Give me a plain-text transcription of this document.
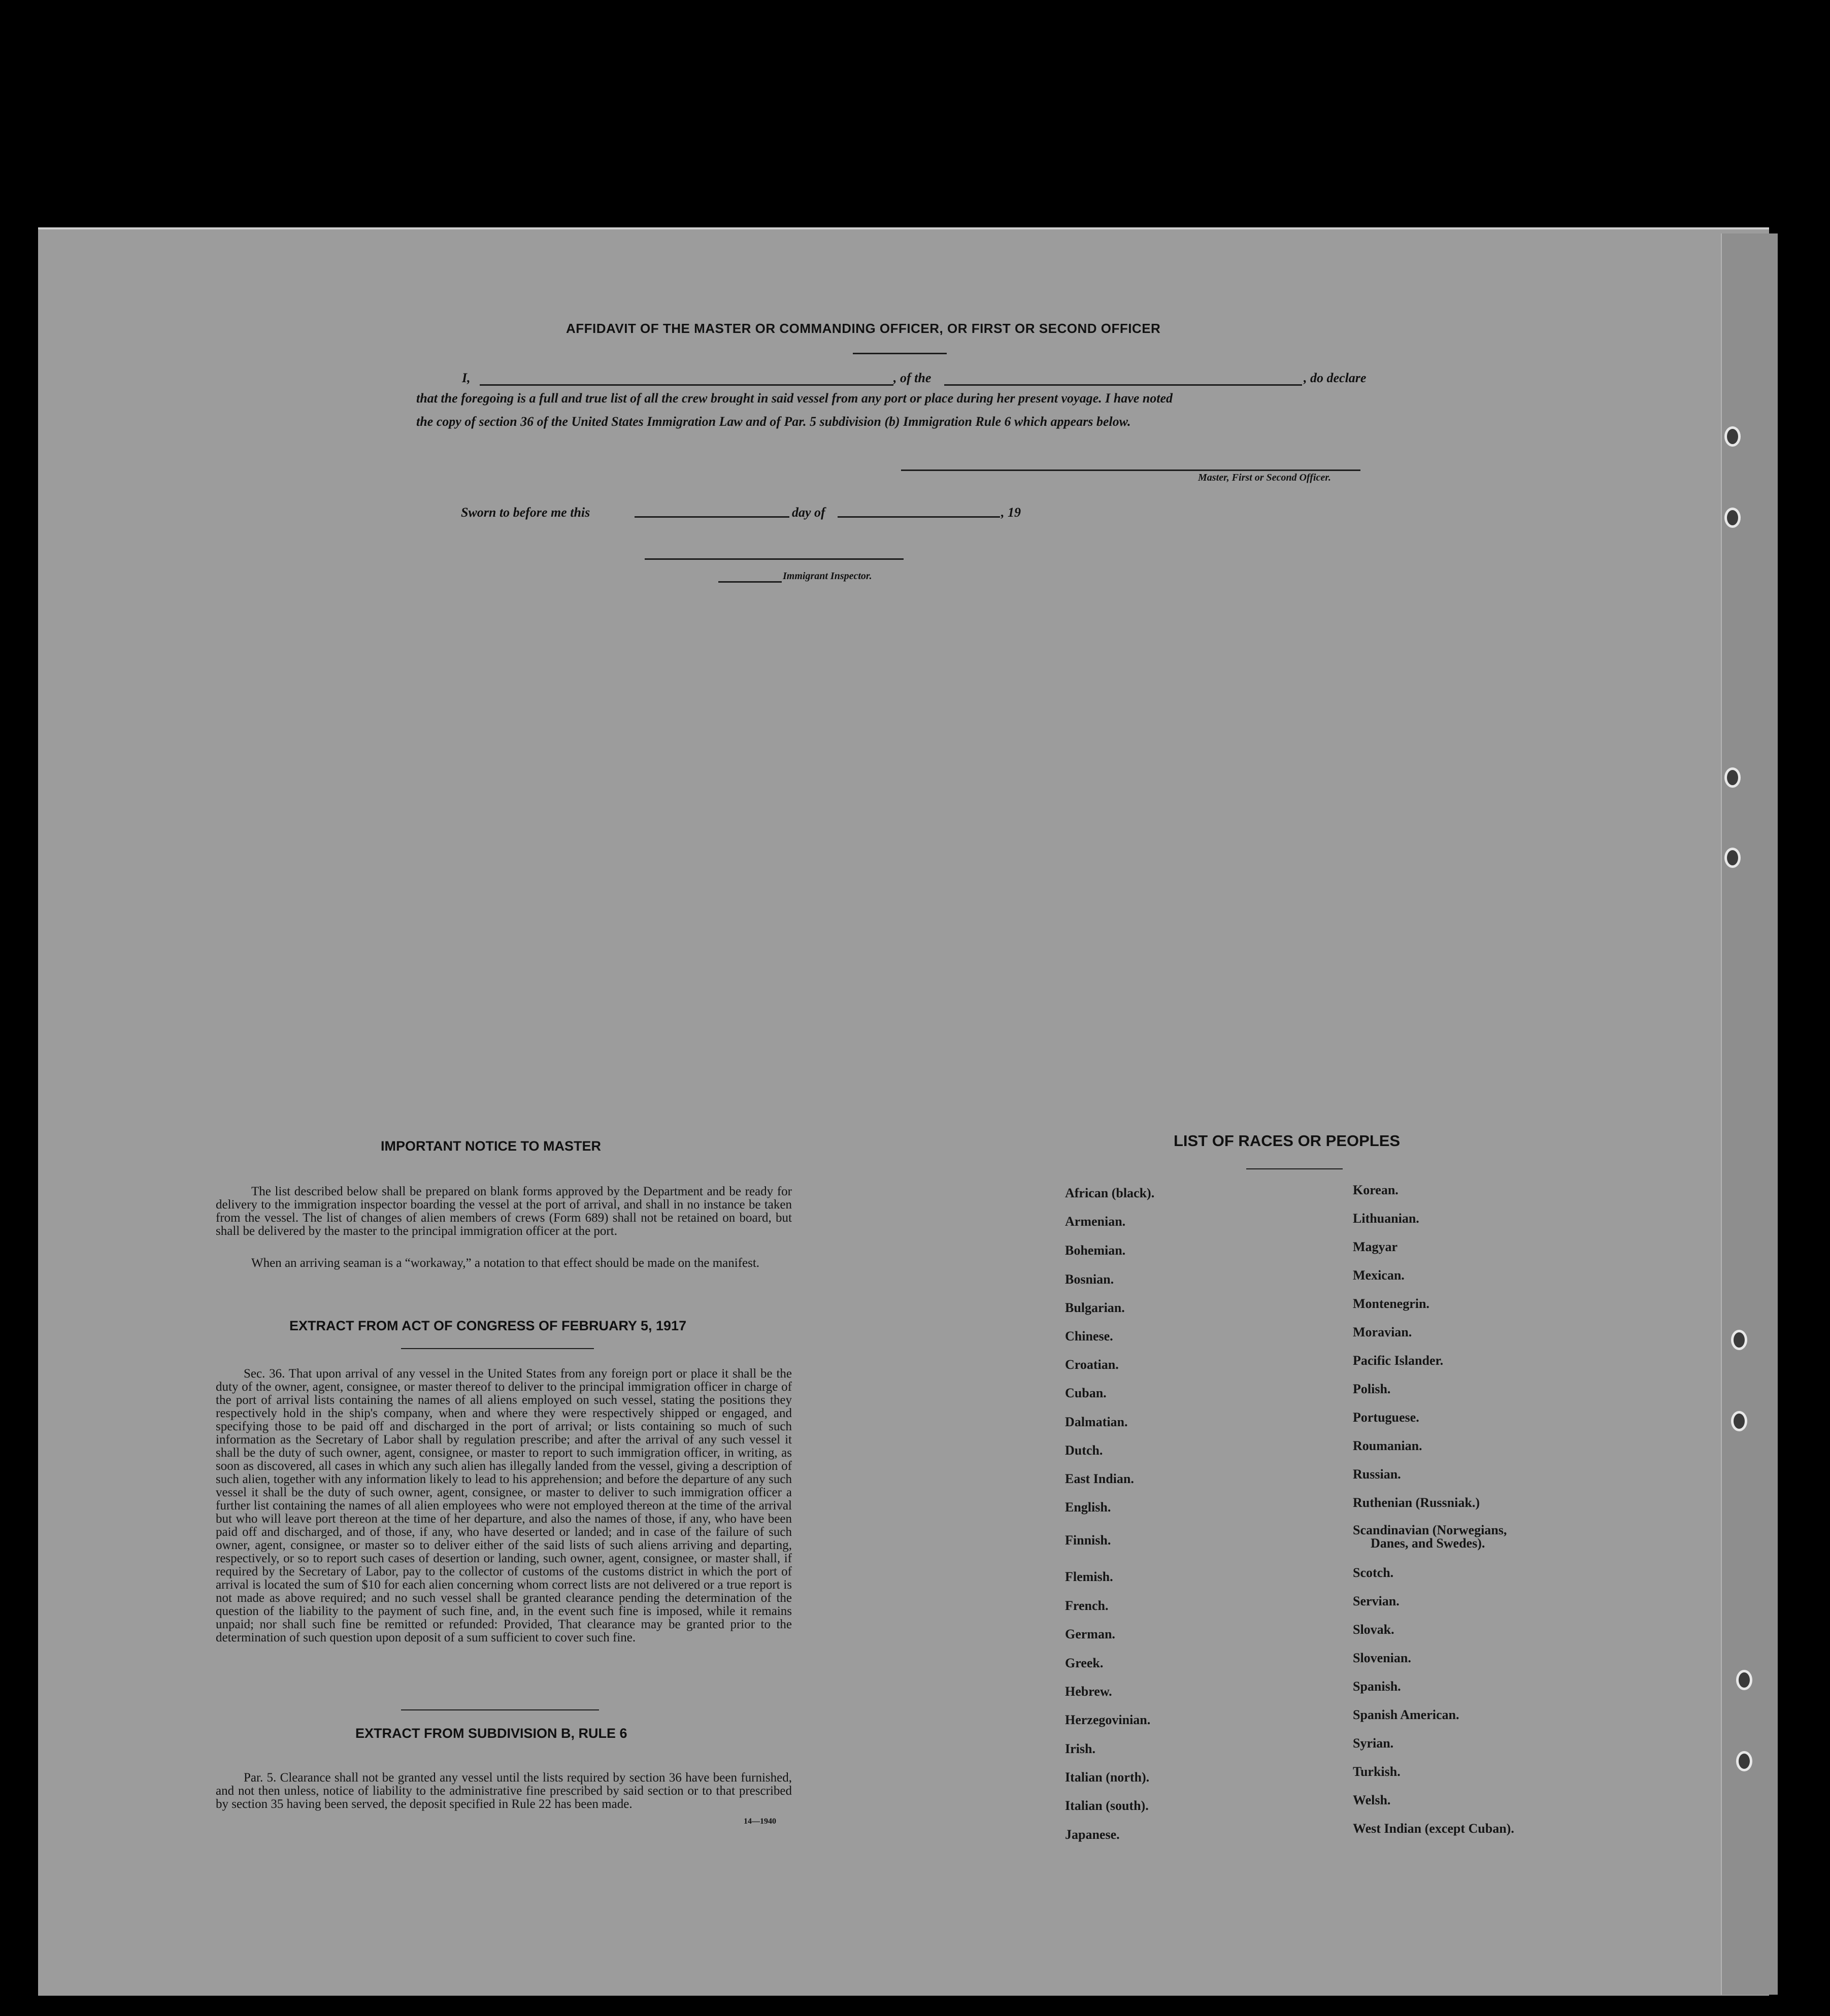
AFFIDAVIT OF THE MASTER OR COMMANDING OFFICER, OR FIRST OR SECOND OFFICER
I,	, of the	, do declare
that the foregoing is a full and true list of all the crew brought in said vessel from any port or place during her present voyage. I have noted
the copy of section 36 of the United States Immigration Law and of Par. 5 subdivision (b) Immigration Rule 6 which appears below.
Master, First or Second Officer.
Sworn to before me this	day of	, 19
Immigrant Inspector.
IMPORTANT NOTICE TO MASTER
The list described below shall be prepared on blank forms approved by the Department and be ready for delivery to the immigration inspector boarding the vessel at the port of arrival, and shall in no instance be taken from the vessel. The list of changes of alien members of crews (Form 689) shall not be retained on board, but shall be delivered by the master to the principal immigration officer at the port.
When an arriving seaman is a “workaway,” a notation to that effect should be made on the manifest.
EXTRACT FROM ACT OF CONGRESS OF FEBRUARY 5, 1917
Sec. 36. That upon arrival of any vessel in the United States from any foreign port or place it shall be the duty of the owner, agent, consignee, or master thereof to deliver to the principal immigration officer in charge of the port of arrival lists containing the names of all aliens employed on such vessel, stating the positions they respectively hold in the ship's company, when and where they were respectively shipped or engaged, and specifying those to be paid off and discharged in the port of arrival; or lists containing so much of such information as the Secretary of Labor shall by regulation prescribe; and after the arrival of any such vessel it shall be the duty of such owner, agent, consignee, or master to report to such immigration officer, in writing, as soon as discovered, all cases in which any such alien has illegally landed from the vessel, giving a description of such alien, together with any information likely to lead to his apprehension; and before the departure of any such vessel it shall be the duty of such owner, agent, consignee, or master to deliver to such immigration officer a further list containing the names of all alien employees who were not employed thereon at the time of the arrival but who will leave port thereon at the time of her departure, and also the names of those, if any, who have been paid off and discharged, and of those, if any, who have deserted or landed; and in case of the failure of such owner, agent, consignee, or master so to deliver either of the said lists of such aliens arriving and departing, respectively, or so to report such cases of desertion or landing, such owner, agent, consignee, or master shall, if required by the Secretary of Labor, pay to the collector of customs of the customs district in which the port of arrival is located the sum of $10 for each alien concerning whom correct lists are not delivered or a true report is not made as above required; and no such vessel shall be granted clearance pending the determination of the question of the liability to the payment of such fine, and, in the event such fine is imposed, while it remains unpaid; nor shall such fine be remitted or refunded: Provided, That clearance may be granted prior to the determination of such question upon deposit of a sum sufficient to cover such fine.
EXTRACT FROM SUBDIVISION B, RULE 6
Par. 5. Clearance shall not be granted any vessel until the lists required by section 36 have been furnished, and not then unless, notice of liability to the administrative fine prescribed by said section or to that prescribed by section 35 having been served, the deposit specified in Rule 22 has been made.
14—1940
LIST OF RACES OR PEOPLES
African (black).
Armenian.
Bohemian.
Bosnian.
Bulgarian.
Chinese.
Croatian.
Cuban.
Dalmatian.
Dutch.
East Indian.
English.
Finnish.
Flemish.
French.
German.
Greek.
Hebrew.
Herzegovinian.
Irish.
Italian (north).
Italian (south).
Japanese.
Korean.
Lithuanian.
Magyar
Mexican.
Montenegrin.
Moravian.
Pacific Islander.
Polish.
Portuguese.
Roumanian.
Russian.
Ruthenian (Russniak.)
Scandinavian (Norwegians,
Danes, and Swedes).
Scotch.
Servian.
Slovak.
Slovenian.
Spanish.
Spanish American.
Syrian.
Turkish.
Welsh.
West Indian (except Cuban).
